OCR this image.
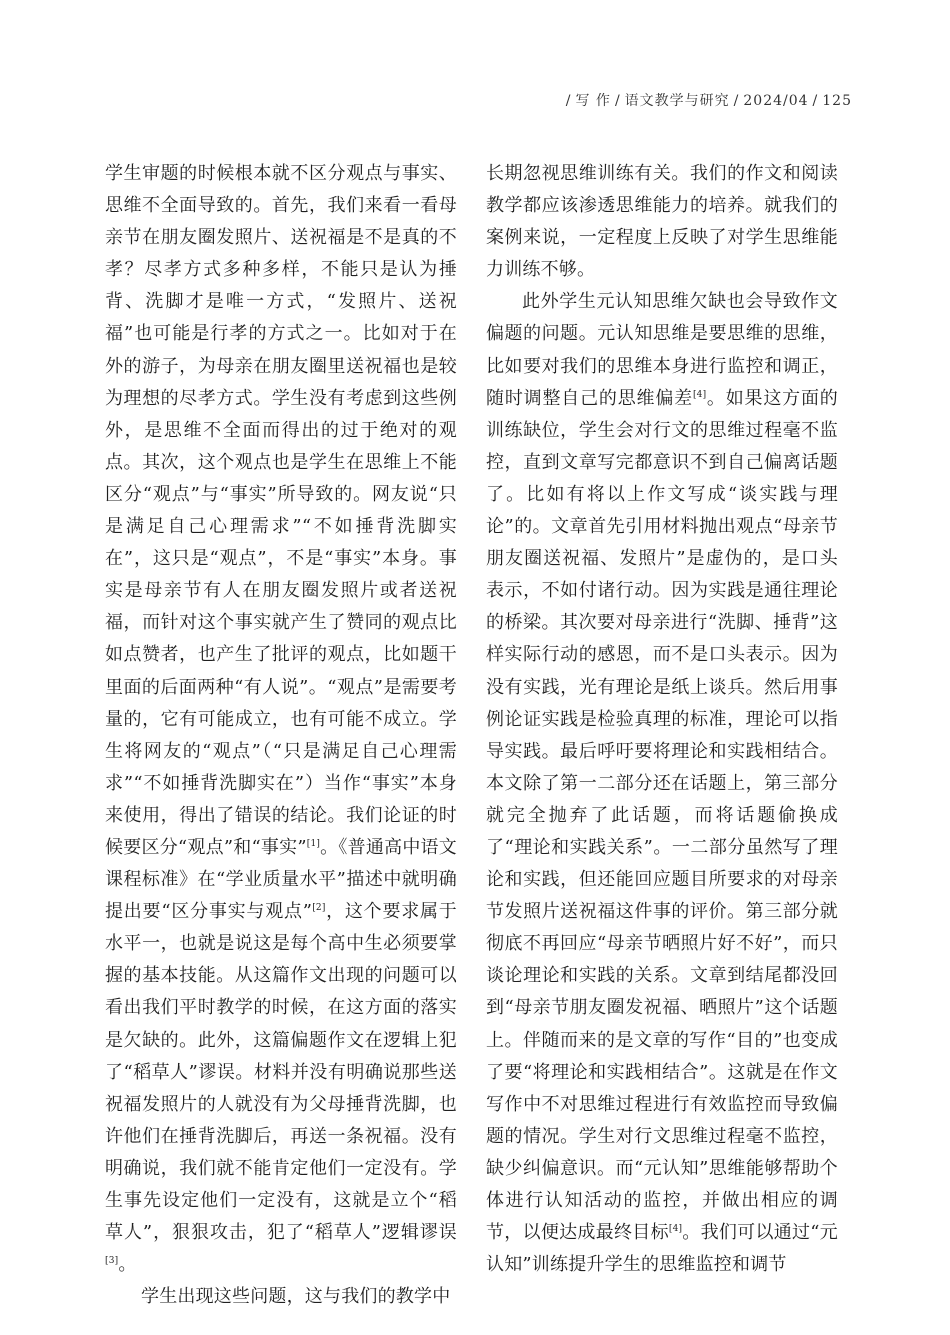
/ 写 作 / 语文教学与研究 / 2024/04 / 125

学生审题的时候根本就不区分观点与事实、思维不全面导致的。首先，我们来看一看母亲节在朋友圈发照片、送祝福是不是真的不孝？尽孝方式多种多样，不能只是认为捶背、洗脚才是唯一方式，“发照片、送祝福”也可能是行孝的方式之一。比如对于在外的游子，为母亲在朋友圈里送祝福也是较为理想的尽孝方式。学生没有考虑到这些例外，是思维不全面而得出的过于绝对的观点。其次，这个观点也是学生在思维上不能区分“观点”与“事实”所导致的。网友说“只是满足自己心理需求”“不如捶背洗脚实在”，这只是“观点”，不是“事实”本身。事实是母亲节有人在朋友圈发照片或者送祝福，而针对这个事实就产生了赞同的观点比如点赞者，也产生了批评的观点，比如题干里面的后面两种“有人说”。“观点”是需要考量的，它有可能成立，也有可能不成立。学生将网友的“观点”（“只是满足自己心理需求”“不如捶背洗脚实在”）当作“事实”本身来使用，得出了错误的结论。我们论证的时候要区分“观点”和“事实”[1]。《普通高中语文课程标准》在“学业质量水平”描述中就明确提出要“区分事实与观点”[2]，这个要求属于水平一，也就是说这是每个高中生必须要掌握的基本技能。从这篇作文出现的问题可以看出我们平时教学的时候，在这方面的落实是欠缺的。此外，这篇偏题作文在逻辑上犯了“稻草人”谬误。材料并没有明确说那些送祝福发照片的人就没有为父母捶背洗脚，也许他们在捶背洗脚后，再送一条祝福。没有明确说，我们就不能肯定他们一定没有。学生事先设定他们一定没有，这就是立个“稻草人”，狠狠攻击，犯了“稻草人”逻辑谬误[3]。

学生出现这些问题，这与我们的教学中

长期忽视思维训练有关。我们的作文和阅读教学都应该渗透思维能力的培养。就我们的案例来说，一定程度上反映了对学生思维能力训练不够。

此外学生元认知思维欠缺也会导致作文偏题的问题。元认知思维是要思维的思维，比如要对我们的思维本身进行监控和调正，随时调整自己的思维偏差[4]。如果这方面的训练缺位，学生会对行文的思维过程毫不监控，直到文章写完都意识不到自己偏离话题了。比如有将以上作文写成“谈实践与理论”的。文章首先引用材料抛出观点“母亲节朋友圈送祝福、发照片”是虚伪的，是口头表示，不如付诸行动。因为实践是通往理论的桥梁。其次要对母亲进行“洗脚、捶背”这样实际行动的感恩，而不是口头表示。因为没有实践，光有理论是纸上谈兵。然后用事例论证实践是检验真理的标准，理论可以指导实践。最后呼吁要将理论和实践相结合。本文除了第一二部分还在话题上，第三部分就完全抛弃了此话题，而将话题偷换成了“理论和实践关系”。一二部分虽然写了理论和实践，但还能回应题目所要求的对母亲节发照片送祝福这件事的评价。第三部分就彻底不再回应“母亲节晒照片好不好”，而只谈论理论和实践的关系。文章到结尾都没回到“母亲节朋友圈发祝福、晒照片”这个话题上。伴随而来的是文章的写作“目的”也变成了要“将理论和实践相结合”。这就是在作文写作中不对思维过程进行有效监控而导致偏题的情况。学生对行文思维过程毫不监控，缺少纠偏意识。而“元认知”思维能够帮助个体进行认知活动的监控，并做出相应的调节，以便达成最终目标[4]。我们可以通过“元认知”训练提升学生的思维监控和调节
